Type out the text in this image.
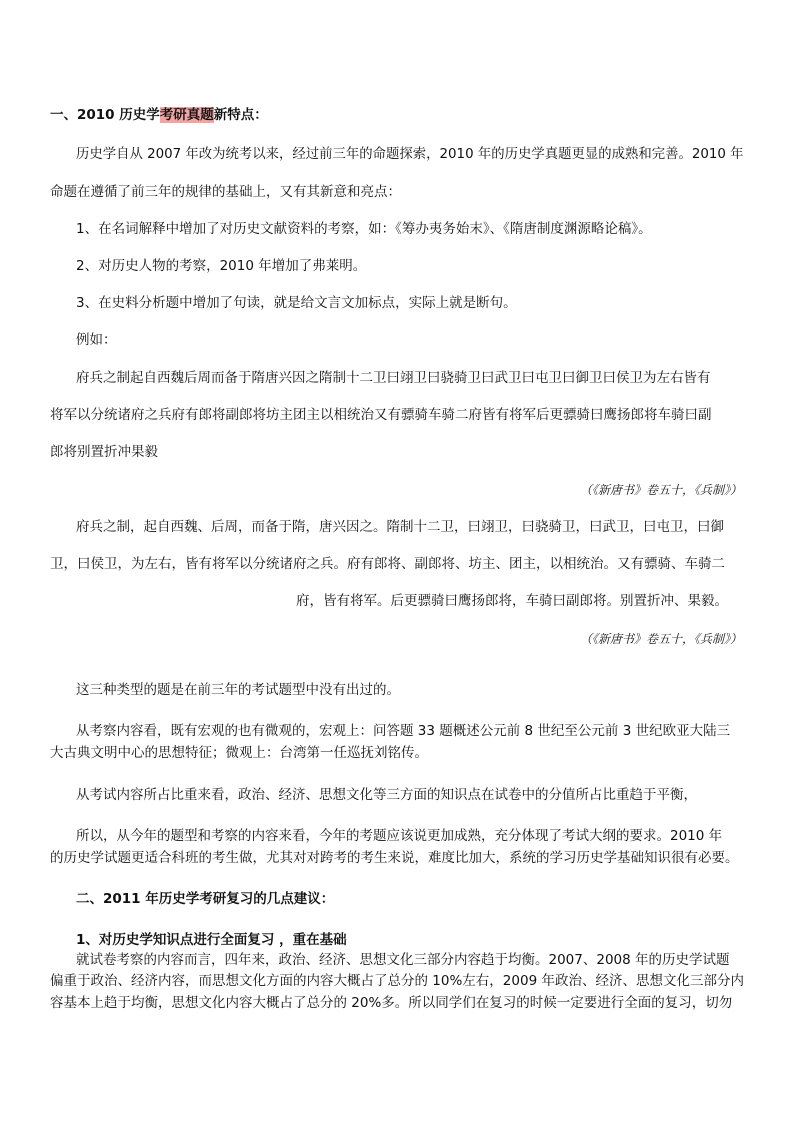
一、2010 历史学考研真题新特点：
历史学自从 2007 年改为统考以来，经过前三年的命题探索，2010 年的历史学真题更显的成熟和完善。2010 年
命题在遵循了前三年的规律的基础上，又有其新意和亮点：
1、在名词解释中增加了对历史文献资料的考察，如：《筹办夷务始末》、《隋唐制度渊源略论稿》。
2、对历史人物的考察，2010 年增加了弗莱明。
3、在史料分析题中增加了句读，就是给文言文加标点，实际上就是断句。
例如：
府兵之制起自西魏后周而备于隋唐兴因之隋制十二卫曰翊卫曰骁骑卫曰武卫曰屯卫曰御卫曰侯卫为左右皆有
将军以分统诸府之兵府有郎将副郎将坊主团主以相统治又有骠骑车骑二府皆有将军后更骠骑曰鹰扬郎将车骑曰副
郎将别置折冲果毅
（《新唐书》卷五十，《兵制》）
府兵之制，起自西魏、后周，而备于隋，唐兴因之。隋制十二卫，曰翊卫，曰骁骑卫，曰武卫，曰屯卫，曰御
卫，曰侯卫，为左右，皆有将军以分统诸府之兵。府有郎将、副郎将、坊主、团主，以相统治。又有骠骑、车骑二
府，皆有将军。后更骠骑曰鹰扬郎将，车骑曰副郎将。别置折冲、果毅。
（《新唐书》卷五十，《兵制》）
这三种类型的题是在前三年的考试题型中没有出过的。
从考察内容看，既有宏观的也有微观的，宏观上：问答题 33 题概述公元前 8 世纪至公元前 3 世纪欧亚大陆三
大古典文明中心的思想特征；微观上：台湾第一任巡抚刘铭传。
从考试内容所占比重来看，政治、经济、思想文化等三方面的知识点在试卷中的分值所占比重趋于平衡，
所以，从今年的题型和考察的内容来看，今年的考题应该说更加成熟，充分体现了考试大纲的要求。2010 年
的历史学试题更适合科班的考生做，尤其对对跨考的考生来说，难度比加大，系统的学习历史学基础知识很有必要。
二、2011 年历史学考研复习的几点建议：
1、对历史学知识点进行全面复习 ，重在基础
就试卷考察的内容而言，四年来，政治、经济、思想文化三部分内容趋于均衡。2007、2008 年的历史学试题
偏重于政治、经济内容，而思想文化方面的内容大概占了总分的 10%左右，2009 年政治、经济、思想文化三部分内
容基本上趋于均衡，思想文化内容大概占了总分的 20%多。所以同学们在复习的时候一定要进行全面的复习，切勿
